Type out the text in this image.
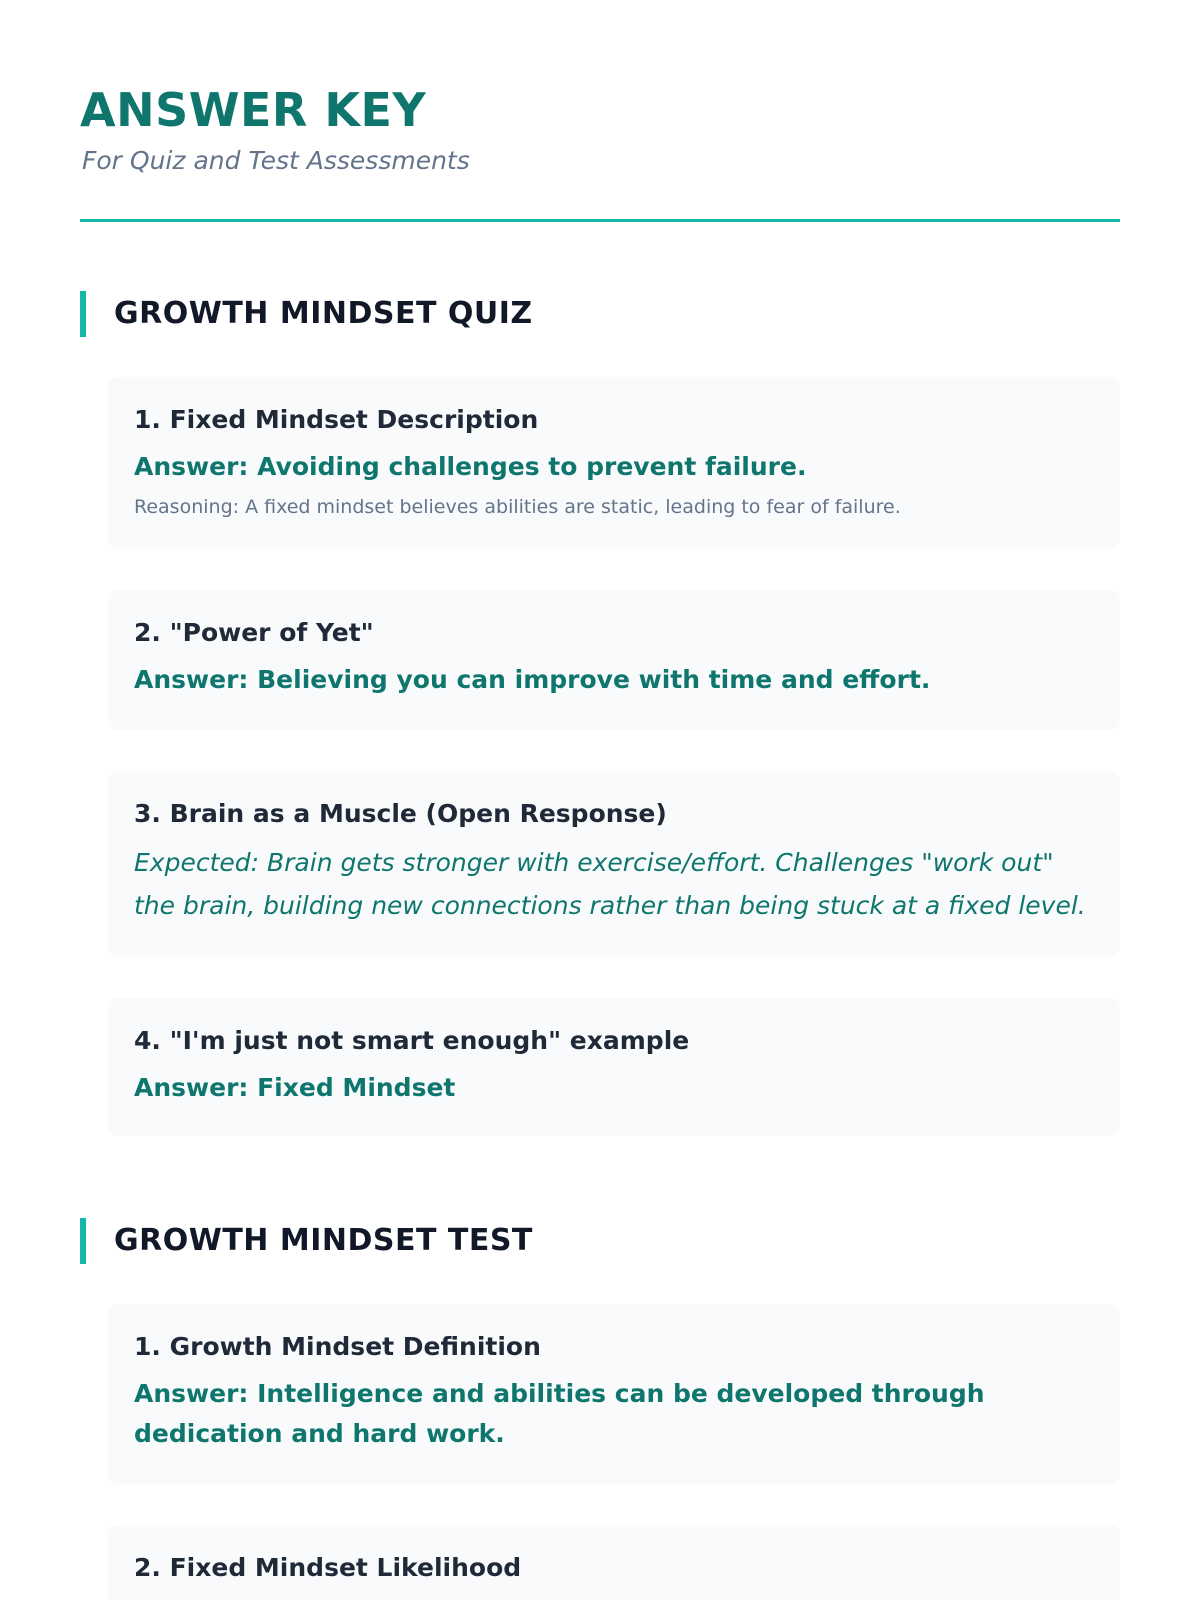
ANSWER KEY

For Quiz and Test Assessments

GROWTH MINDSET QUIZ

1. Fixed Mindset Description

Answer: Avoiding challenges to prevent failure.

Reasoning: A fixed mindset believes abilities are static, leading to fear of failure.

2. "Power of Yet"

Answer: Believing you can improve with time and effort.

3. Brain as a Muscle (Open Response)

Expected: Brain gets stronger with exercise/effort. Challenges "work out" the brain, building new connections rather than being stuck at a fixed level.

4. "I'm just not smart enough" example

Answer: Fixed Mindset

GROWTH MINDSET TEST

1. Growth Mindset Definition

Answer: Intelligence and abilities can be developed through dedication and hard work.

2. Fixed Mindset Likelihood
